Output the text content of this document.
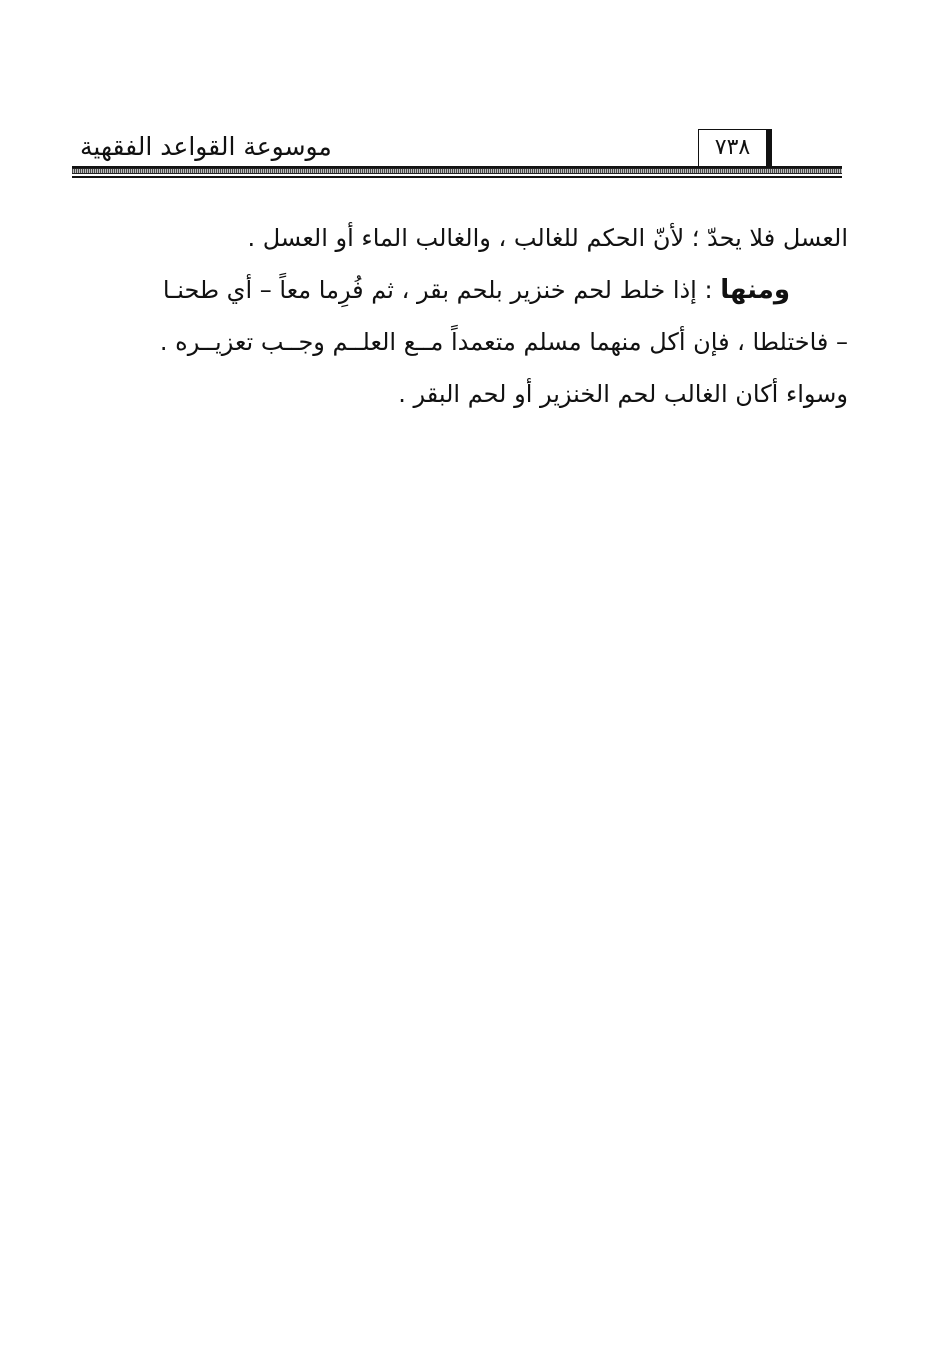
موسوعة القواعد الفقهية	٧٣٨
العسل فلا يحدّ ؛ لأنّ الحكم للغالب ، والغالب الماء أو العسل .
ومنها : إذا خلط لحم خنزير بلحم بقر ، ثم فُرِما معاً – أي طحنـا
– فاختلطا ، فإن أكل منهما مسلم متعمداً مــع العلــم وجــب تعزيــره .
وسواء أكان الغالب لحم الخنزير أو لحم البقر .
